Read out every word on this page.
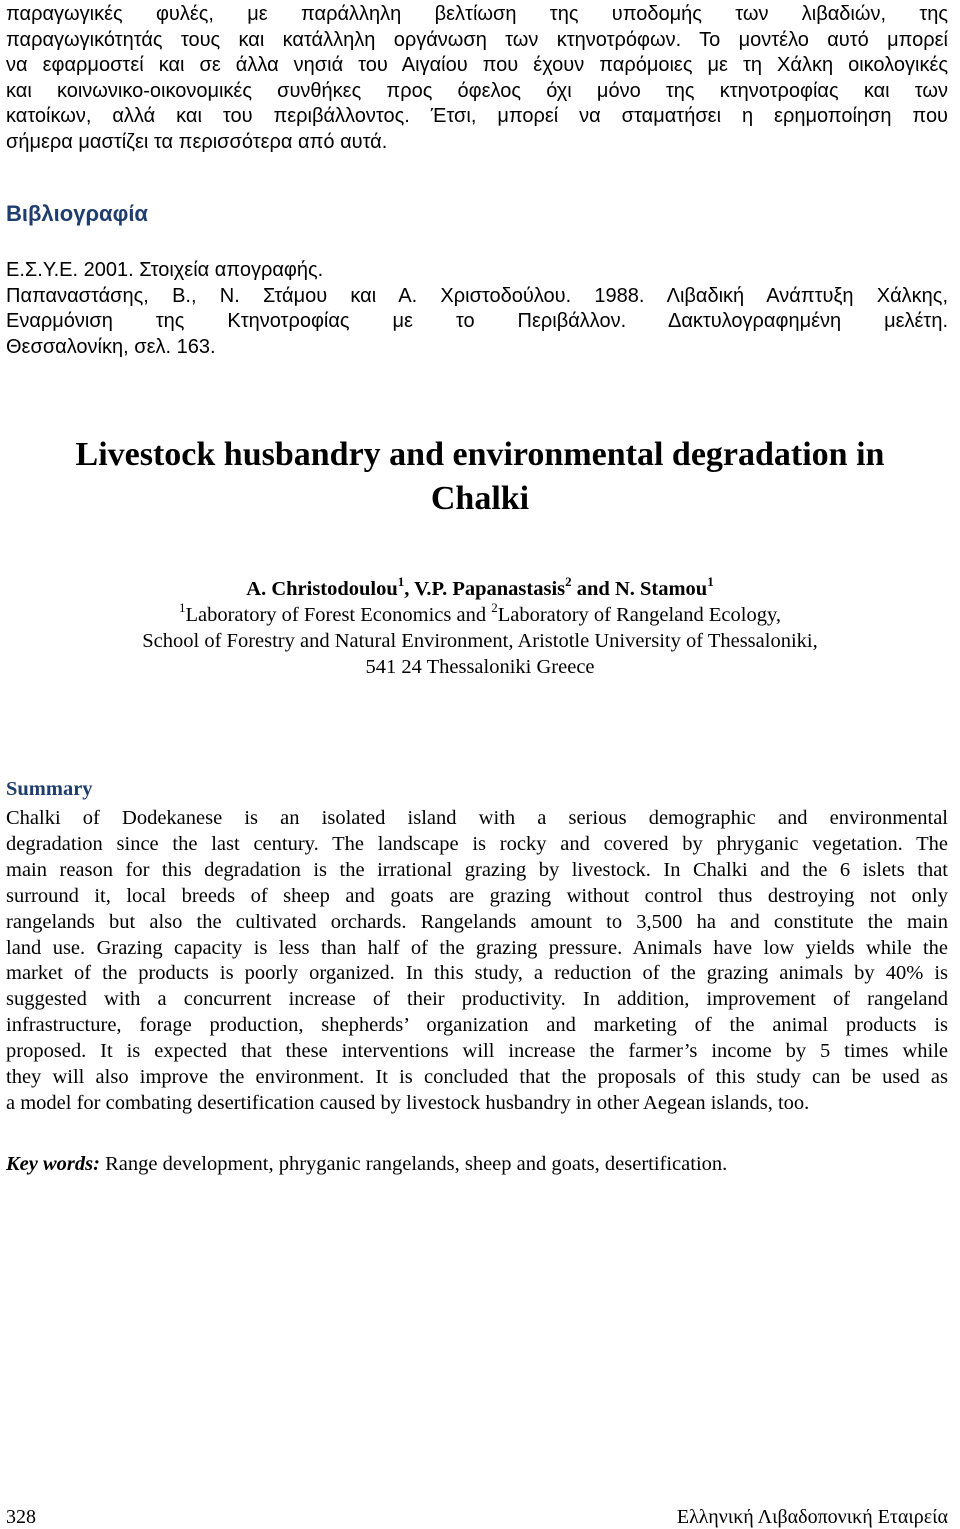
παραγωγικές φυλές, με παράλληλη βελτίωση της υποδομής των λιβαδιών, της
παραγωγικότητάς τους και κατάλληλη οργάνωση των κτηνοτρόφων. Το μοντέλο αυτό μπορεί
να εφαρμοστεί και σε άλλα νησιά του Αιγαίου που έχουν παρόμοιες με τη Χάλκη οικολογικές
και κοινωνικο-οικονομικές συνθήκες προς όφελος όχι μόνο της κτηνοτροφίας και των
κατοίκων, αλλά και του περιβάλλοντος. Έτσι, μπορεί να σταματήσει η ερημοποίηση που
σήμερα μαστίζει τα περισσότερα από αυτά.
Βιβλιογραφία
Ε.Σ.Υ.Ε. 2001. Στοιχεία απογραφής.
Παπαναστάσης, Β., Ν. Στάμου και Α. Χριστοδούλου. 1988. Λιβαδική Ανάπτυξη Χάλκης,
Εναρμόνιση της Κτηνοτροφίας με το Περιβάλλον. Δακτυλογραφημένη μελέτη.
Θεσσαλονίκη, σελ. 163.
Livestock husbandry and environmental degradation in
Chalki
A. Christodoulou$^1$, V.P. Papanastasis$^2$ and N. Stamou$^1$
$^1$Laboratory of Forest Economics and $^2$Laboratory of Rangeland Ecology,
School of Forestry and Natural Environment, Aristotle University of Thessaloniki,
541 24 Thessaloniki Greece
Summary
Chalki of Dodekanese is an isolated island with a serious demographic and environmental
degradation since the last century. The landscape is rocky and covered by phryganic vegetation. The
main reason for this degradation is the irrational grazing by livestock. In Chalki and the 6 islets that
surround it, local breeds of sheep and goats are grazing without control thus destroying not only
rangelands but also the cultivated orchards. Rangelands amount to 3,500 ha and constitute the main
land use. Grazing capacity is less than half of the grazing pressure. Animals have low yields while the
market of the products is poorly organized. In this study, a reduction of the grazing animals by 40% is
suggested with a concurrent increase of their productivity. In addition, improvement of rangeland
infrastructure, forage production, shepherds’ organization and marketing of the animal products is
proposed. It is expected that these interventions will increase the farmer’s income by 5 times while
they will also improve the environment. It is concluded that the proposals of this study can be used as
a model for combating desertification caused by livestock husbandry in other Aegean islands, too.

Key words: Range development, phryganic rangelands, sheep and goats, desertification.

328	Ελληνική Λιβαδοπονική Εταιρεία
